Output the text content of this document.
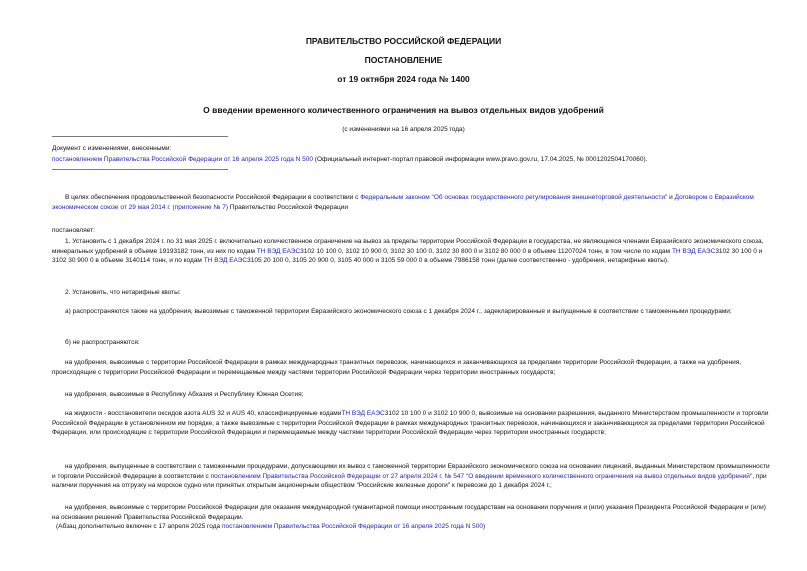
ПРАВИТЕЛЬСТВО РОССИЙСКОЙ ФЕДЕРАЦИИ
ПОСТАНОВЛЕНИЕ
от 19 октября 2024 года № 1400
О введении временного количественного ограничения на вывоз отдельных видов удобрений
(с изменениями на 16 апреля 2025 года)
Документ с изменениями, внесенными:
постановлением Правительства Российской Федерации от 16 апреля 2025 года N 500 (Официальный интернет-портал правовой информации www.pravo.gov.ru, 17.04.2025, № 0001202504170060).
В целях обеспечения продовольственной безопасности Российской Федерации в соответствии с Федеральным законом "Об основах государственного регулирования внешнеторговой деятельности" и Договором о Евразийском экономическом союзе от 29 мая 2014 г. (приложение № 7) Правительство Российской Федерации
постановляет:
1. Установить с 1 декабря 2024 г. по 31 мая 2025 г. включительно количественное ограничение на вывоз за пределы территории Российской Федерации в государства, не являющиеся членами Евразийского экономического союза, минеральных удобрений в объеме 19193182 тонн, из них по кодам ТН ВЭД ЕАЭС3102 10 100 0, 3102 10 900 0, 3102 30 100 0, 3102 30 800 0 и 3102 80 000 0 в объеме 11207024 тонн, в том числе по кодам ТН ВЭД ЕАЭС3102 30 100 0 и 3102 30 900 0 в объеме 3140114 тонн, и по кодам ТН ВЭД ЕАЭС3105 20 100 0, 3105 20 900 0, 3105 40 000 и 3105 59 000 0 в объеме 7986158 тонн (далее соответственно - удобрения, нетарифные квоты).
2. Установить, что нетарифные квоты:
а) распространяются также на удобрения, вывозимые с таможенной территории Евразийского экономического союза с 1 декабря 2024 г., задекларированные и выпущенные в соответствии с таможенными процедурами;
б) не распространяются:
на удобрения, вывозимые с территории Российской Федерации в рамках международных транзитных перевозок, начинающихся и заканчивающихся за пределами территории Российской Федерации, а также на удобрения, происходящие с территории Российской Федерации и перемещаемые между частями территории Российской Федерации через территории иностранных государств;
на удобрения, вывозимые в Республику Абхазия и Республику Южная Осетия;
на жидкости - восстановители оксидов азота AUS 32 и AUS 40, классифицируемые кодамиТН ВЭД ЕАЭС3102 10 100 0 и 3102 10 900 0, вывозимые на основании разрешения, выданного Министерством промышленности и торговли Российской Федерации в установленном им порядке, а также вывозимые с территории Российской Федерации в рамках международных транзитных перевозок, начинающихся и заканчивающихся за пределами территории Российской Федерации, или происходящие с территории Российской Федерации и перемещаемые между частями территории Российской Федерации через территории иностранных государств;
на удобрения, выпущенные в соответствии с таможенными процедурами, допускающими их вывоз с таможенной территории Евразийского экономического союза на основании лицензий, выданных Министерством промышленности и торговли Российской Федерации в соответствии с постановлением Правительства Российской Федерации от 27 апреля 2024 г. № 547 "О введении временного количественного ограничения на вывоз отдельных видов удобрений", при наличии поручения на отгрузку на морское судно или принятых открытым акционерным обществом "Российские железные дороги" к перевозке до 1 декабря 2024 г.;
на удобрения, вывозимые с территории Российской Федерации для оказания международной гуманитарной помощи иностранным государствам на основании поручения и (или) указания Президента Российской Федерации и (или) на основании решений Правительства Российской Федерации.
(Абзац дополнительно включен с 17 апреля 2025 года постановлением Правительства Российской Федерации от 16 апреля 2025 года N 500)
